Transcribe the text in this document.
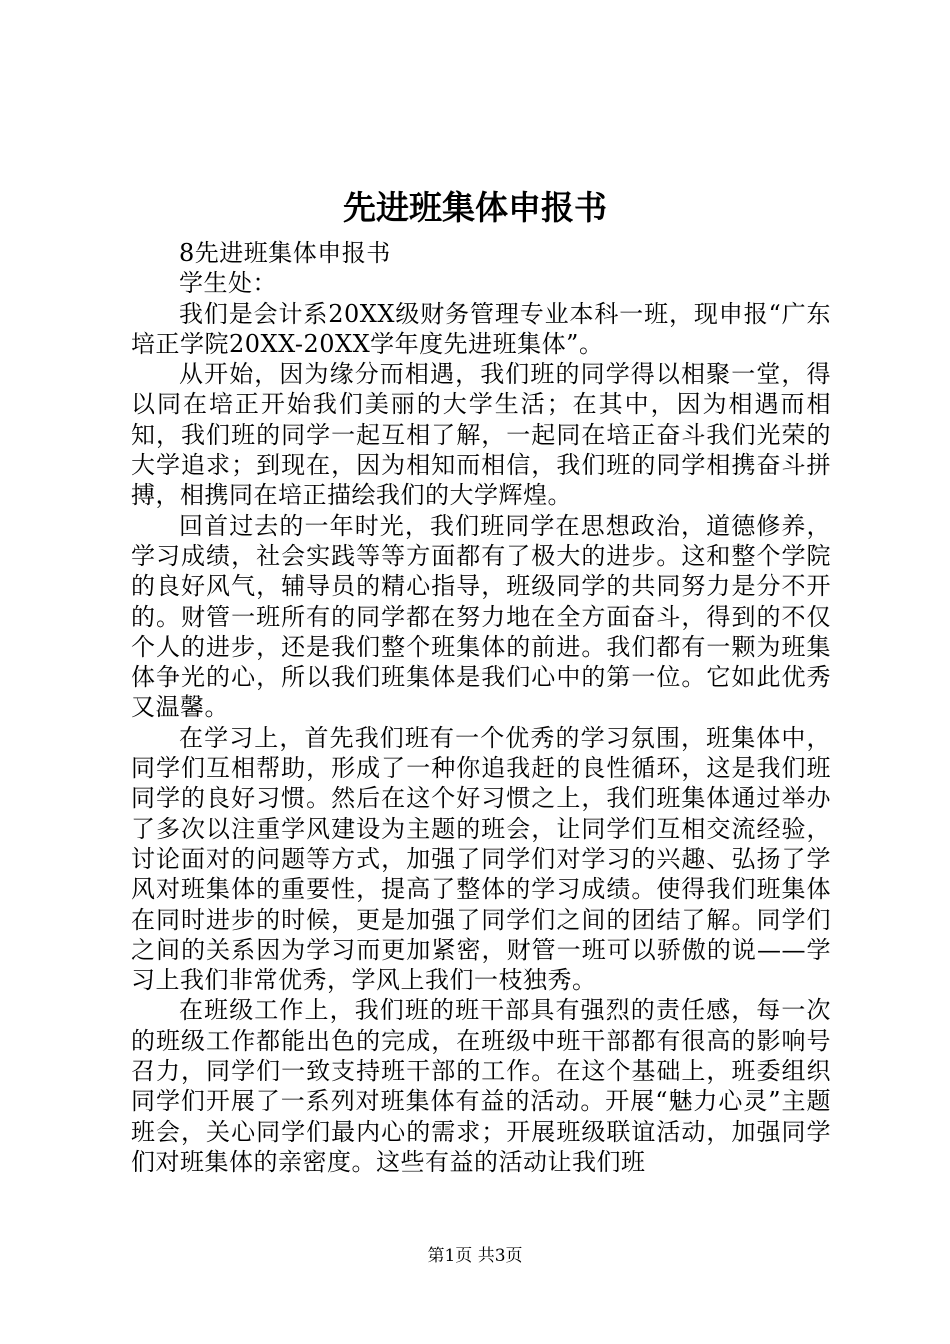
先进班集体申报书

8先进班集体申报书

学生处：

我们是会计系20XX级财务管理专业本科一班，现申报“广东培正学院20XX-20XX学年度先进班集体”。

从开始，因为缘分而相遇，我们班的同学得以相聚一堂，得以同在培正开始我们美丽的大学生活；在其中，因为相遇而相知，我们班的同学一起互相了解，一起同在培正奋斗我们光荣的大学追求；到现在，因为相知而相信，我们班的同学相携奋斗拼搏，相携同在培正描绘我们的大学辉煌。

回首过去的一年时光，我们班同学在思想政治，道德修养，学习成绩，社会实践等等方面都有了极大的进步。这和整个学院的良好风气，辅导员的精心指导，班级同学的共同努力是分不开的。财管一班所有的同学都在努力地在全方面奋斗，得到的不仅个人的进步，还是我们整个班集体的前进。我们都有一颗为班集体争光的心，所以我们班集体是我们心中的第一位。它如此优秀又温馨。

在学习上，首先我们班有一个优秀的学习氛围，班集体中，同学们互相帮助，形成了一种你追我赶的良性循环，这是我们班同学的良好习惯。然后在这个好习惯之上，我们班集体通过举办了多次以注重学风建设为主题的班会，让同学们互相交流经验，讨论面对的问题等方式，加强了同学们对学习的兴趣、弘扬了学风对班集体的重要性，提高了整体的学习成绩。使得我们班集体在同时进步的时候，更是加强了同学们之间的团结了解。同学们之间的关系因为学习而更加紧密，财管一班可以骄傲的说——学习上我们非常优秀，学风上我们一枝独秀。

在班级工作上，我们班的班干部具有强烈的责任感，每一次的班级工作都能出色的完成，在班级中班干部都有很高的影响号召力，同学们一致支持班干部的工作。在这个基础上，班委组织同学们开展了一系列对班集体有益的活动。开展“魅力心灵”主题班会，关心同学们最内心的需求；开展班级联谊活动，加强同学们对班集体的亲密度。这些有益的活动让我们班

第1页 共3页
